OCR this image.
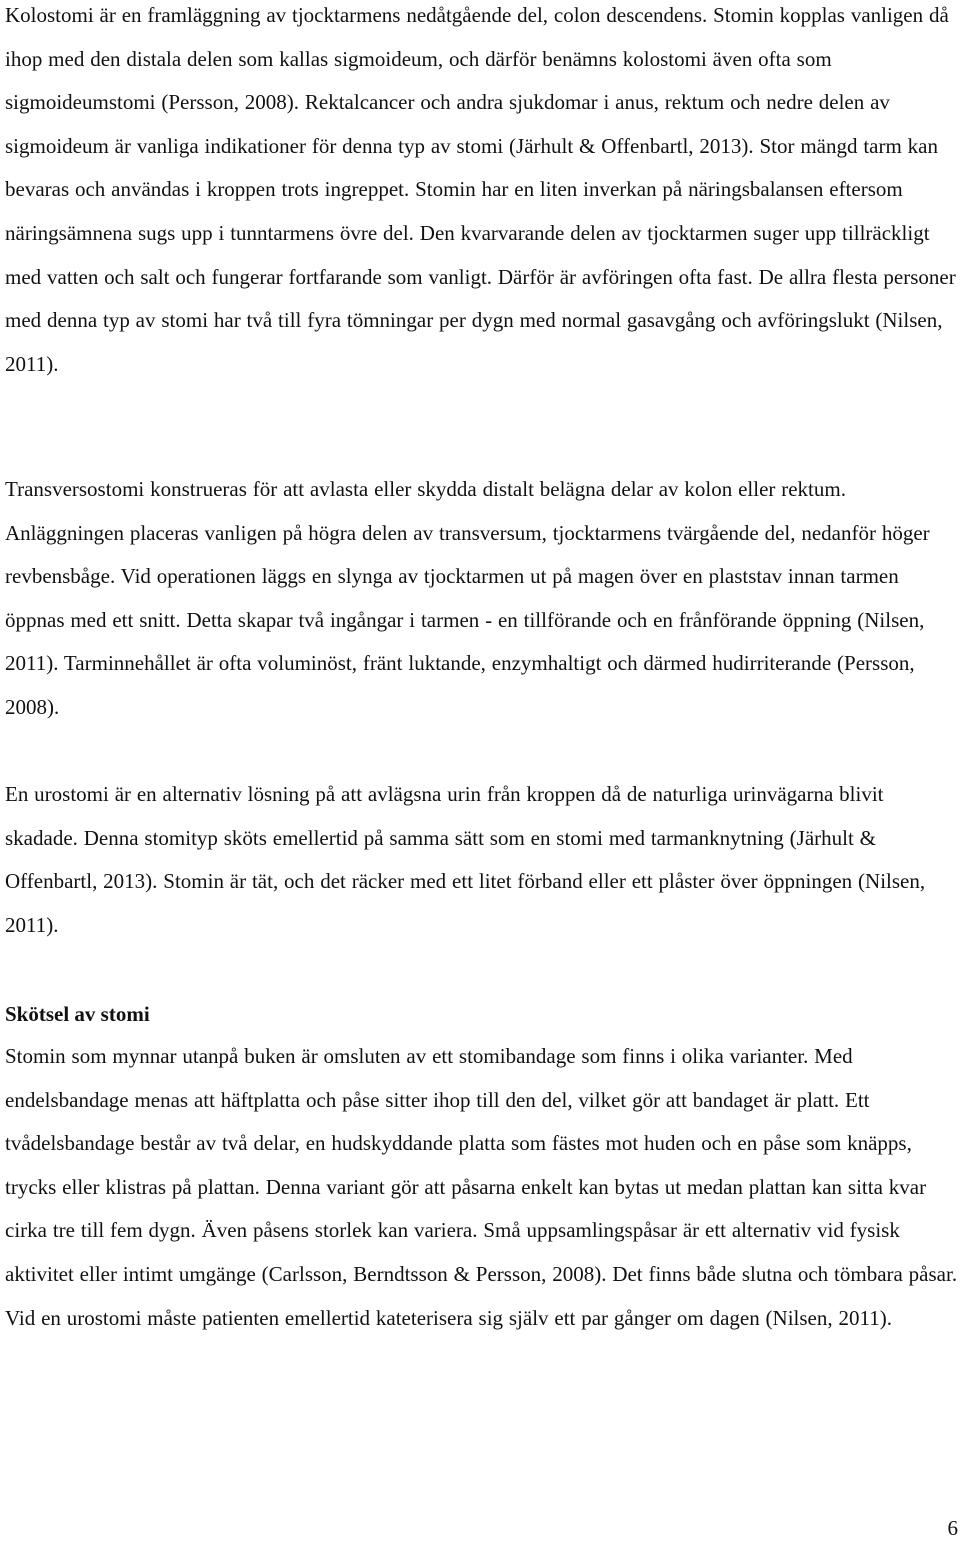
Kolostomi är en framläggning av tjocktarmens nedåtgående del, colon descendens. Stomin kopplas vanligen då ihop med den distala delen som kallas sigmoideum, och därför benämns kolostomi även ofta som sigmoideumstomi (Persson, 2008). Rektalcancer och andra sjukdomar i anus, rektum och nedre delen av sigmoideum är vanliga indikationer för denna typ av stomi (Järhult & Offenbartl, 2013). Stor mängd tarm kan bevaras och användas i kroppen trots ingreppet. Stomin har en liten inverkan på näringsbalansen eftersom näringsämnena sugs upp i tunntarmens övre del. Den kvarvarande delen av tjocktarmen suger upp tillräckligt med vatten och salt och fungerar fortfarande som vanligt. Därför är avföringen ofta fast. De allra flesta personer med denna typ av stomi har två till fyra tömningar per dygn med normal gasavgång och avföringslukt (Nilsen, 2011).

Transversostomi konstrueras för att avlasta eller skydda distalt belägna delar av kolon eller rektum. Anläggningen placeras vanligen på högra delen av transversum, tjocktarmens tvärgående del, nedanför höger revbensbåge. Vid operationen läggs en slynga av tjocktarmen ut på magen över en plaststav innan tarmen öppnas med ett snitt. Detta skapar två ingångar i tarmen - en tillförande och en frånförande öppning (Nilsen, 2011). Tarminnehållet är ofta voluminöst, fränt luktande, enzymhaltigt och därmed hudirriterande (Persson, 2008).

En urostomi är en alternativ lösning på att avlägsna urin från kroppen då de naturliga urinvägarna blivit skadade. Denna stomityp sköts emellertid på samma sätt som en stomi med tarmanknytning (Järhult & Offenbartl, 2013). Stomin är tät, och det räcker med ett litet förband eller ett plåster över öppningen (Nilsen, 2011).

Skötsel av stomi

Stomin som mynnar utanpå buken är omsluten av ett stomibandage som finns i olika varianter. Med endelsbandage menas att häftplatta och påse sitter ihop till den del, vilket gör att bandaget är platt. Ett tvådelsbandage består av två delar, en hudskyddande platta som fästes mot huden och en påse som knäpps, trycks eller klistras på plattan. Denna variant gör att påsarna enkelt kan bytas ut medan plattan kan sitta kvar cirka tre till fem dygn. Även påsens storlek kan variera. Små uppsamlingspåsar är ett alternativ vid fysisk aktivitet eller intimt umgänge (Carlsson, Berndtsson & Persson, 2008). Det finns både slutna och tömbara påsar. Vid en urostomi måste patienten emellertid kateterisera sig själv ett par gånger om dagen (Nilsen, 2011).

6
